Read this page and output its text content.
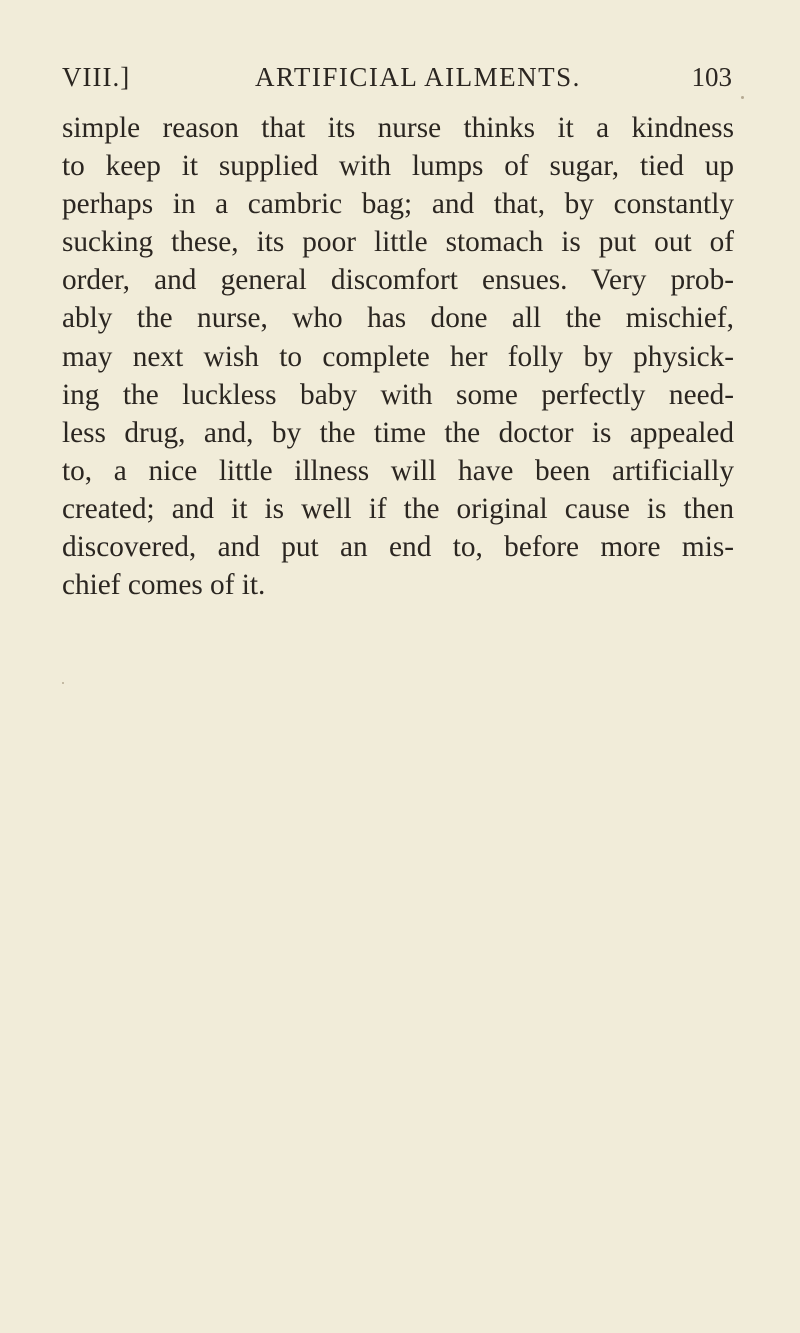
VIII.]	ARTIFICIAL AILMENTS.	103
simple reason that its nurse thinks it a kindness
to keep it supplied with lumps of sugar, tied up
perhaps in a cambric bag; and that, by constantly
sucking these, its poor little stomach is put out of
order, and general discomfort ensues. Very prob-
ably the nurse, who has done all the mischief,
may next wish to complete her folly by physick-
ing the luckless baby with some perfectly need-
less drug, and, by the time the doctor is appealed
to, a nice little illness will have been artificially
created; and it is well if the original cause is then
discovered, and put an end to, before more mis-
chief comes of it.
